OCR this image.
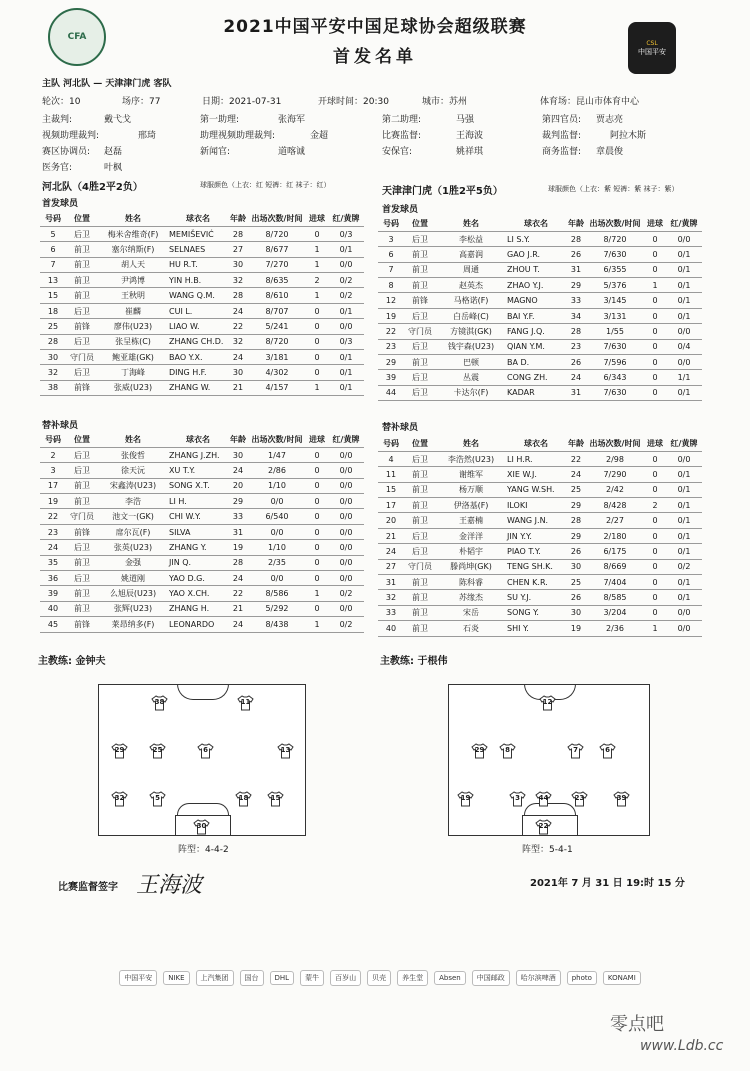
CFA	2021中国平安中国足球协会超级联赛
首发名单
CSL
中国平安
主队 河北队 — 天津津门虎 客队
轮次：10	场序：77	日期：2021-07-31	开球时间：20:30	城市：苏州	体育场：昆山市体育中心
主裁判:	戴弋戈	第一助理:	张海军	第二助理:	马强	第四官员: 贾志亮
视频助理裁判:	邢琦	助理视频助理裁判:	金超	比赛监督:	王海波	裁判监督:	阿拉木斯
赛区协调员: 赵磊	新闻官:	道喀诚	安保官:	姚祥琪	商务监督: 章晨俊
医务官:	叶枫
河北队（4胜2平2负）	球服颜色（上衣：红 短裤：红 袜子：红）
天津津门虎（1胜2平5负）	球服颜色（上衣：紫 短裤：紫 袜子：紫）
首发球员
首发球员
号码	位置	姓名	球衣名	年龄	出场次数/时间	进球	红/黄牌
5	后卫	梅米舍维奇(F)	MEMIŠEVIĆ	28	8/720	0	0/3
6	前卫	塞尔纳斯(F)	SELNAES	27	8/677	1	0/1
7	前卫	胡人天	HU R.T.	30	7/270	1	0/0
13	前卫	尹鸿博	YIN H.B.	32	8/635	2	0/2
15	前卫	王秋明	WANG Q.M.	28	8/610	1	0/2
18	后卫	崔麟	CUI L.	24	8/707	0	0/1
25	前锋	廖伟(U23)	LIAO W.	22	5/241	0	0/0
28	后卫	张呈栋(C)	ZHANG CH.D.	32	8/720	0	0/3
30	守门员	鲍亚雄(GK)	BAO Y.X.	24	3/181	0	0/1
32	后卫	丁海峰	DING H.F.	30	4/302	0	0/1
38	前锋	张威(U23)	ZHANG W.	21	4/157	1	0/1
号码	位置	姓名	球衣名	年龄	出场次数/时间	进球	红/黄牌
3	后卫	李松益	LI S.Y.	28	8/720	0	0/0
6	前卫	高嘉润	GAO J.R.	26	7/630	0	0/1
7	前卫	周通	ZHOU T.	31	6/355	0	0/1
8	前卫	赵英杰	ZHAO Y.J.	29	5/376	1	0/1
12	前锋	马格诺(F)	MAGNO	33	3/145	0	0/1
19	后卫	白岳峰(C)	BAI Y.F.	34	3/131	0	0/1
22	守门员	方镜淇(GK)	FANG J.Q.	28	1/55	0	0/0
23	后卫	钱宇森(U23)	QIAN Y.M.	23	7/630	0	0/4
29	前卫	巴顿	BA D.	26	7/596	0	0/0
39	后卫	丛震	CONG ZH.	24	6/343	0	1/1
44	后卫	卡达尔(F)	KADAR	31	7/630	0	0/1
替补球员	替补球员
号码	位置	姓名	球衣名	年龄	出场次数/时间	进球	红/黄牌
2	后卫	张俊哲	ZHANG J.ZH.	30	1/47	0	0/0
3	后卫	徐天沅	XU T.Y.	24	2/86	0	0/0
17	前卫	宋鑫涛(U23)	SONG X.T.	20	1/10	0	0/0
19	前卫	李浩	LI H.	29	0/0	0	0/0
22	守门员	池文一(GK)	CHI W.Y.	33	6/540	0	0/0
23	前锋	席尔瓦(F)	SILVA	31	0/0	0	0/0
24	后卫	张英(U23)	ZHANG Y.	19	1/10	0	0/0
35	前卫	金强	JIN Q.	28	2/35	0	0/0
36	后卫	姚道刚	YAO D.G.	24	0/0	0	0/0
39	前卫	么旭辰(U23)	YAO X.CH.	22	8/586	1	0/2
40	前卫	张辉(U23)	ZHANG H.	21	5/292	0	0/0
45	前锋	莱昂纳多(F)	LEONARDO	24	8/438	1	0/2
号码	位置	姓名	球衣名	年龄	出场次数/时间	进球	红/黄牌
4	后卫	李浩然(U23)	LI H.R.	22	2/98	0	0/0
11	前卫	谢维军	XIE W.J.	24	7/290	0	0/1
15	前卫	杨万顺	YANG W.SH.	25	2/42	0	0/1
17	前卫	伊洛基(F)	ILOKI	29	8/428	2	0/1
20	前卫	王嘉楠	WANG J.N.	28	2/27	0	0/1
21	后卫	金洋洋	JIN Y.Y.	29	2/180	0	0/1
24	后卫	朴韬宇	PIAO T.Y.	26	6/175	0	0/1
27	守门员	滕尚坤(GK)	TENG SH.K.	30	8/669	0	0/2
31	前卫	陈科睿	CHEN K.R.	25	7/404	0	0/1
32	前卫	苏缘杰	SU Y.J.	26	8/585	0	0/1
33	前卫	宋岳	SONG Y.	30	3/204	0	0/0
40	前卫	石炎	SHI Y.	19	2/36	1	0/0
主教练: 金钟夫	主教练: 于根伟
38	11
29	25	6	13
32	5	18	15
30
阵型：4-4-2
12
29	8	7	6
19	3	44	23	39
22
阵型：5-4-1
比赛监督签字 王海波	2021年 7 月 31 日 19:时 15 分
中国平安	NIKE	上汽集团	国台	DHL	蒙牛	百岁山	贝壳	养生堂	Absen	中国邮政	哈尔滨啤酒	photo	KONAMI
零点吧
www.Ldb.cc
